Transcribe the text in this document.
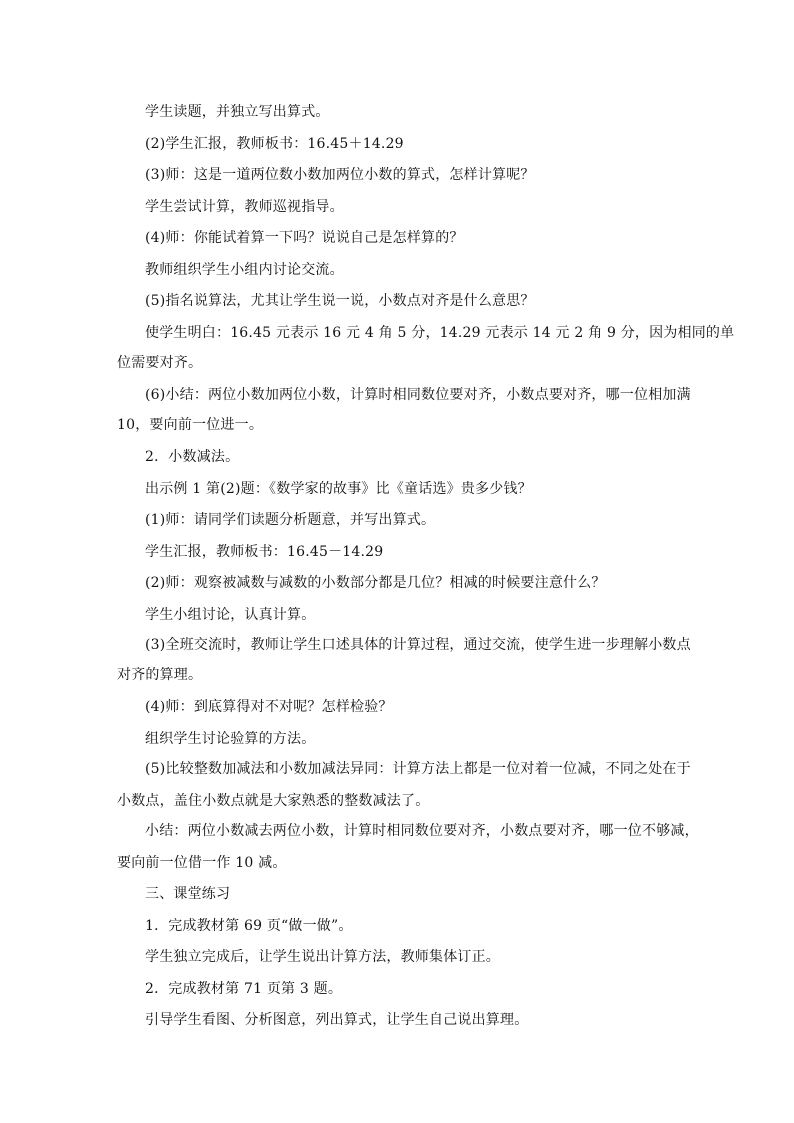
学生读题，并独立写出算式。
(2)学生汇报，教师板书：16.45＋14.29
(3)师：这是一道两位数小数加两位小数的算式，怎样计算呢？
学生尝试计算，教师巡视指导。
(4)师：你能试着算一下吗？说说自己是怎样算的？
教师组织学生小组内讨论交流。
(5)指名说算法，尤其让学生说一说，小数点对齐是什么意思？
使学生明白：16.45 元表示 16 元 4 角 5 分，14.29 元表示 14 元 2 角 9 分，因为相同的单
位需要对齐。
(6)小结：两位小数加两位小数，计算时相同数位要对齐，小数点要对齐，哪一位相加满
10，要向前一位进一。
2．小数减法。
出示例 1 第(2)题：《数学家的故事》比《童话选》贵多少钱？
(1)师：请同学们读题分析题意，并写出算式。
学生汇报，教师板书：16.45－14.29
(2)师：观察被减数与减数的小数部分都是几位？相减的时候要注意什么？
学生小组讨论，认真计算。
(3)全班交流时，教师让学生口述具体的计算过程，通过交流，使学生进一步理解小数点
对齐的算理。
(4)师：到底算得对不对呢？怎样检验？
组织学生讨论验算的方法。
(5)比较整数加减法和小数加减法异同：计算方法上都是一位对着一位减，不同之处在于
小数点，盖住小数点就是大家熟悉的整数减法了。
小结：两位小数减去两位小数，计算时相同数位要对齐，小数点要对齐，哪一位不够减，
要向前一位借一作 10 减。
三、课堂练习
1．完成教材第 69 页“做一做”。
学生独立完成后，让学生说出计算方法，教师集体订正。
2．完成教材第 71 页第 3 题。
引导学生看图、分析图意，列出算式，让学生自己说出算理。
